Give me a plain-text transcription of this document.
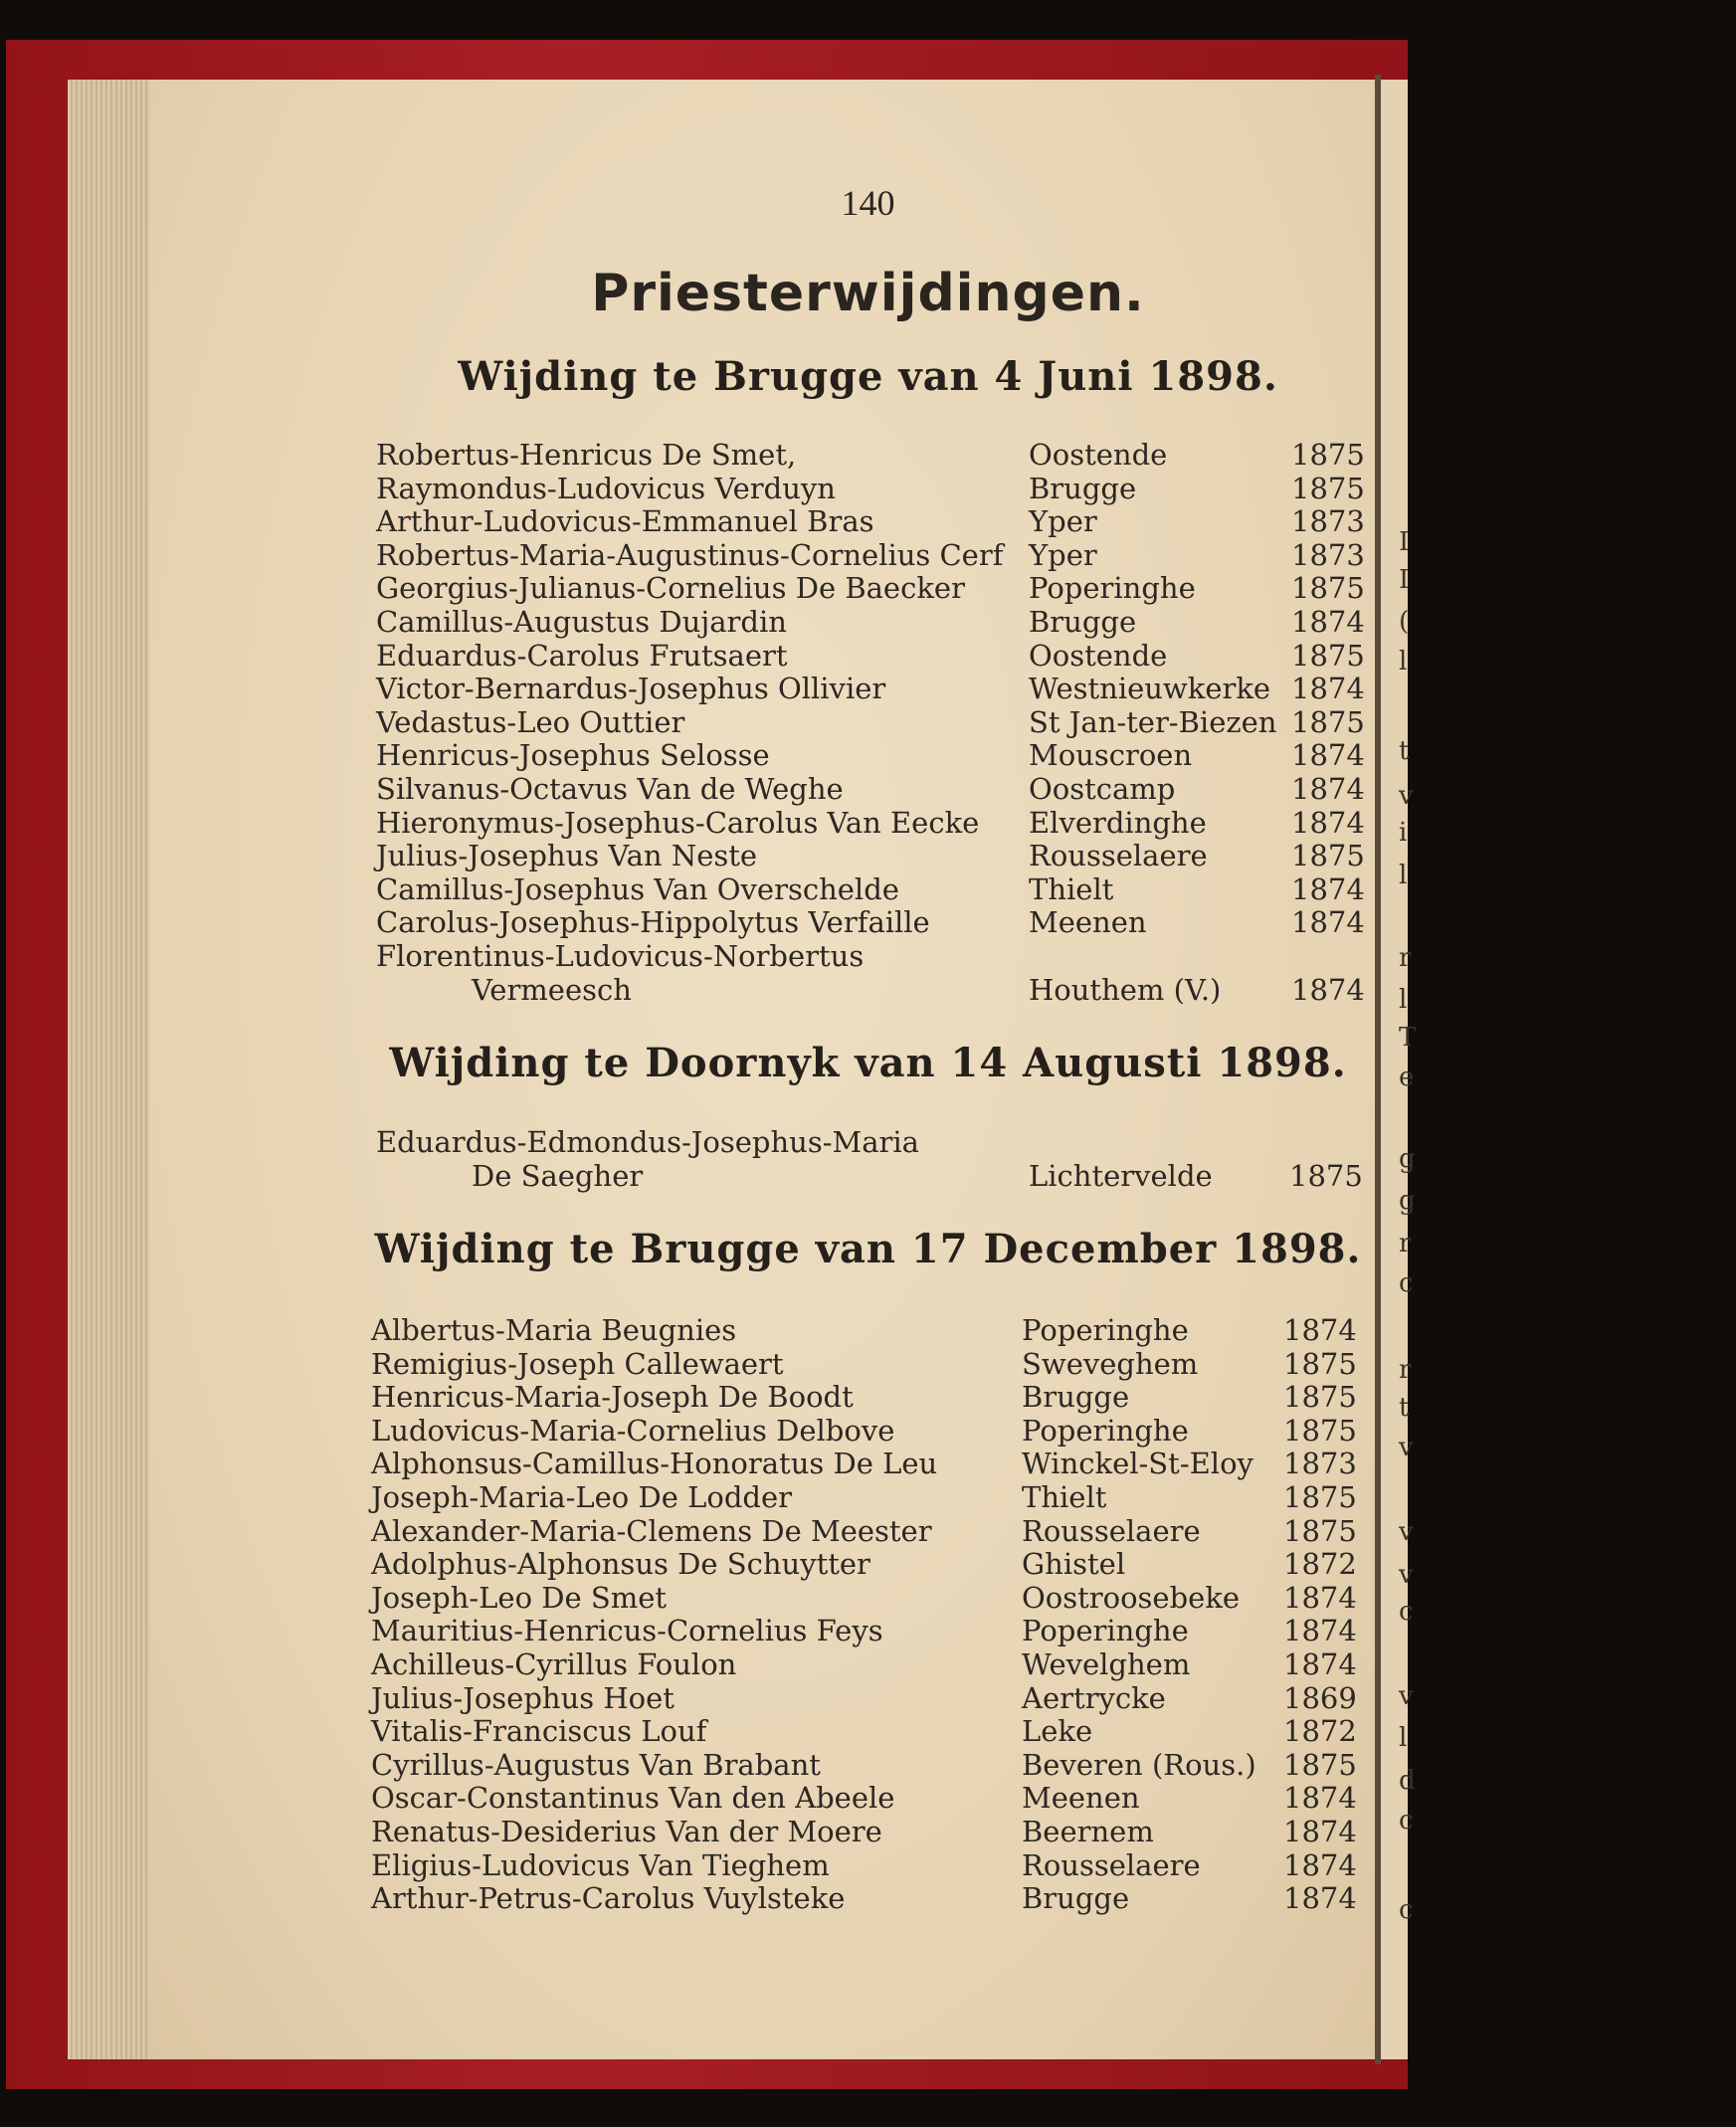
I
I
(
l
t
v
i
l
r
l
T
e
g
g
r
c
r
t
v
v
v
c
v
l
d
c
c
140
Priesterwijdingen.
Wijding te Brugge van 4 Juni 1898.
Robertus-Henricus De Smet,	Oostende	1875
Raymondus-Ludovicus Verduyn	Brugge	1875
Arthur-Ludovicus-Emmanuel Bras	Yper	1873
Robertus-Maria-Augustinus-Cornelius Cerf Yper	1873
Georgius-Julianus-Cornelius De Baecker Poperinghe	1875
Camillus-Augustus Dujardin	Brugge	1874
Eduardus-Carolus Frutsaert	Oostende	1875
Victor-Bernardus-Josephus Ollivier	Westnieuwkerke 1874
Vedastus-Leo Outtier	St Jan-ter-Biezen 1875
Henricus-Josephus Selosse	Mouscroen	1874
Silvanus-Octavus Van de Weghe	Oostcamp	1874
Hieronymus-Josephus-Carolus Van Eecke Elverdinghe	1874
Julius-Josephus Van Neste	Rousselaere	1875
Camillus-Josephus Van Overschelde	Thielt	1874
Carolus-Josephus-Hippolytus Verfaille	Meenen	1874
Florentinus-Ludovicus-Norbertus
Vermeesch	Houthem (V.) 1874
Wijding te Doornyk van 14 Augusti 1898.
Eduardus-Edmondus-Josephus-Maria
De Saegher	Lichtervelde	1875
Wijding te Brugge van 17 December 1898.
Albertus-Maria Beugnies	Poperinghe	1874
Remigius-Joseph Callewaert	Sweveghem	1875
Henricus-Maria-Joseph De Boodt	Brugge	1875
Ludovicus-Maria-Cornelius Delbove	Poperinghe	1875
Alphonsus-Camillus-Honoratus De Leu	Winckel-St-Eloy 1873
Joseph-Maria-Leo De Lodder	Thielt	1875
Alexander-Maria-Clemens De Meester	Rousselaere	1875
Adolphus-Alphonsus De Schuytter	Ghistel	1872
Joseph-Leo De Smet	Oostroosebeke 1874
Mauritius-Henricus-Cornelius Feys	Poperinghe	1874
Achilleus-Cyrillus Foulon	Wevelghem	1874
Julius-Josephus Hoet	Aertrycke	1869
Vitalis-Franciscus Louf	Leke	1872
Cyrillus-Augustus Van Brabant	Beveren (Rous.) 1875
Oscar-Constantinus Van den Abeele	Meenen	1874
Renatus-Desiderius Van der Moere	Beernem	1874
Eligius-Ludovicus Van Tieghem	Rousselaere	1874
Arthur-Petrus-Carolus Vuylsteke	Brugge	1874
